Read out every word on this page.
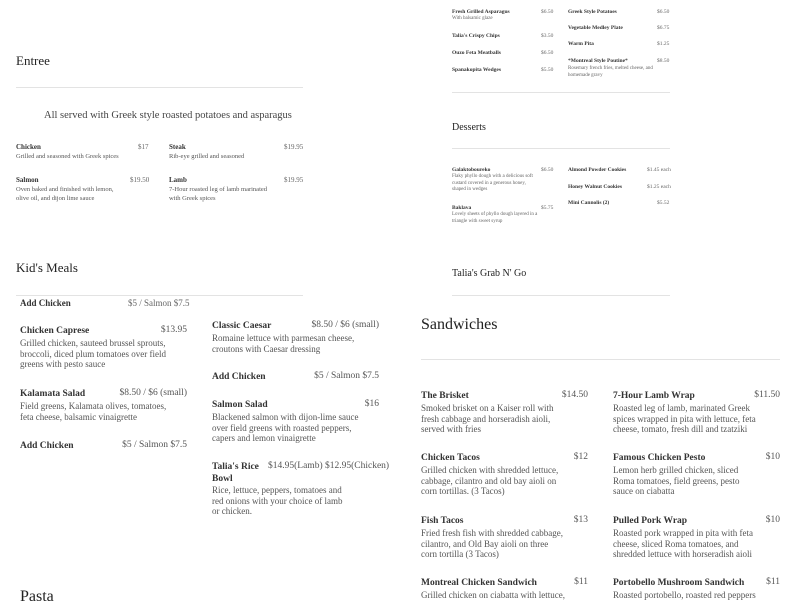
Fresh Grilled Asparagus	$6.50
With balsamic glaze
Talia's Crispy Chips	$3.50
Ouzo Feta Meatballs	$6.50
Spanakopita Wedges	$5.50
Greek Style Potatoes	$6.50
Vegetable Medley Plate	$6.75
Warm Pita	$1.25
*Montreal Style Poutine*	$8.50
Rosemary french fries, melted cheese, and homemade gravy
Entree
All served with Greek style roasted potatoes and asparagus
Chicken	$17
Grilled and seasoned with Greek spices
Steak	$19.95
Rib-eye grilled and seasoned
Salmon	$19.50
Oven baked and finished with lemon, olive oil, and dijon lime sauce
Lamb	$19.95
7-Hour roasted leg of lamb marinated with Greek spices
Desserts
Galaktoboureko	$6.50
Flaky phyllo dough with a delicious soft custard covered in a generous honey, shaped in wedges
Baklava	$5.75
Lovely sheets of phyllo dough layered in a triangle with sweet syrup
Almond Powder Cookies	$1.45 each
Honey Walnut Cookies	$1.25 each
Mini Cannolis (2)	$5.52
Kid's Meals	Talia's Grab N' Go
Add Chicken	$5 / Salmon $7.5
Chicken Caprese	$13.95
Grilled chicken, sauteed brussel sprouts, broccoli, diced plum tomatoes over field greens with pesto sauce
Kalamata Salad	$8.50 / $6 (small)
Field greens, Kalamata olives, tomatoes, feta cheese, balsamic vinaigrette
Add Chicken	$5 / Salmon $7.5
Classic Caesar	$8.50 / $6 (small)
Romaine lettuce with parmesan cheese, croutons with Caesar dressing
Add Chicken	$5 / Salmon $7.5
Salmon Salad	$16
Blackened salmon with dijon-lime sauce over field greens with roasted peppers, capers and lemon vinaigrette
Talia's Rice Bowl
$14.95(Lamb) $12.95(Chicken)
Rice, lettuce, peppers, tomatoes and red onions with your choice of lamb or chicken.
Pasta
Sandwiches
The Brisket	$14.50
Smoked brisket on a Kaiser roll with fresh cabbage and horseradish aioli, served with fries
Chicken Tacos	$12
Grilled chicken with shredded lettuce, cabbage, cilantro and old bay aioli on corn tortillas. (3 Tacos)
Fish Tacos	$13
Fried fresh fish with shredded cabbage, cilantro, and Old Bay aioli on three corn tortilla (3 Tacos)
Montreal Chicken Sandwich	$11
Grilled chicken on ciabatta with lettuce,
7-Hour Lamb Wrap	$11.50
Roasted leg of lamb, marinated Greek spices wrapped in pita with lettuce, feta cheese, tomato, fresh dill and tzatziki
Famous Chicken Pesto	$10
Lemon herb grilled chicken, sliced Roma tomatoes, field greens, pesto sauce on ciabatta
Pulled Pork Wrap	$10
Roasted pork wrapped in pita with feta cheese, sliced Roma tomatoes, and shredded lettuce with horseradish aioli
Portobello Mushroom Sandwich	$11
Roasted portobello, roasted red peppers
